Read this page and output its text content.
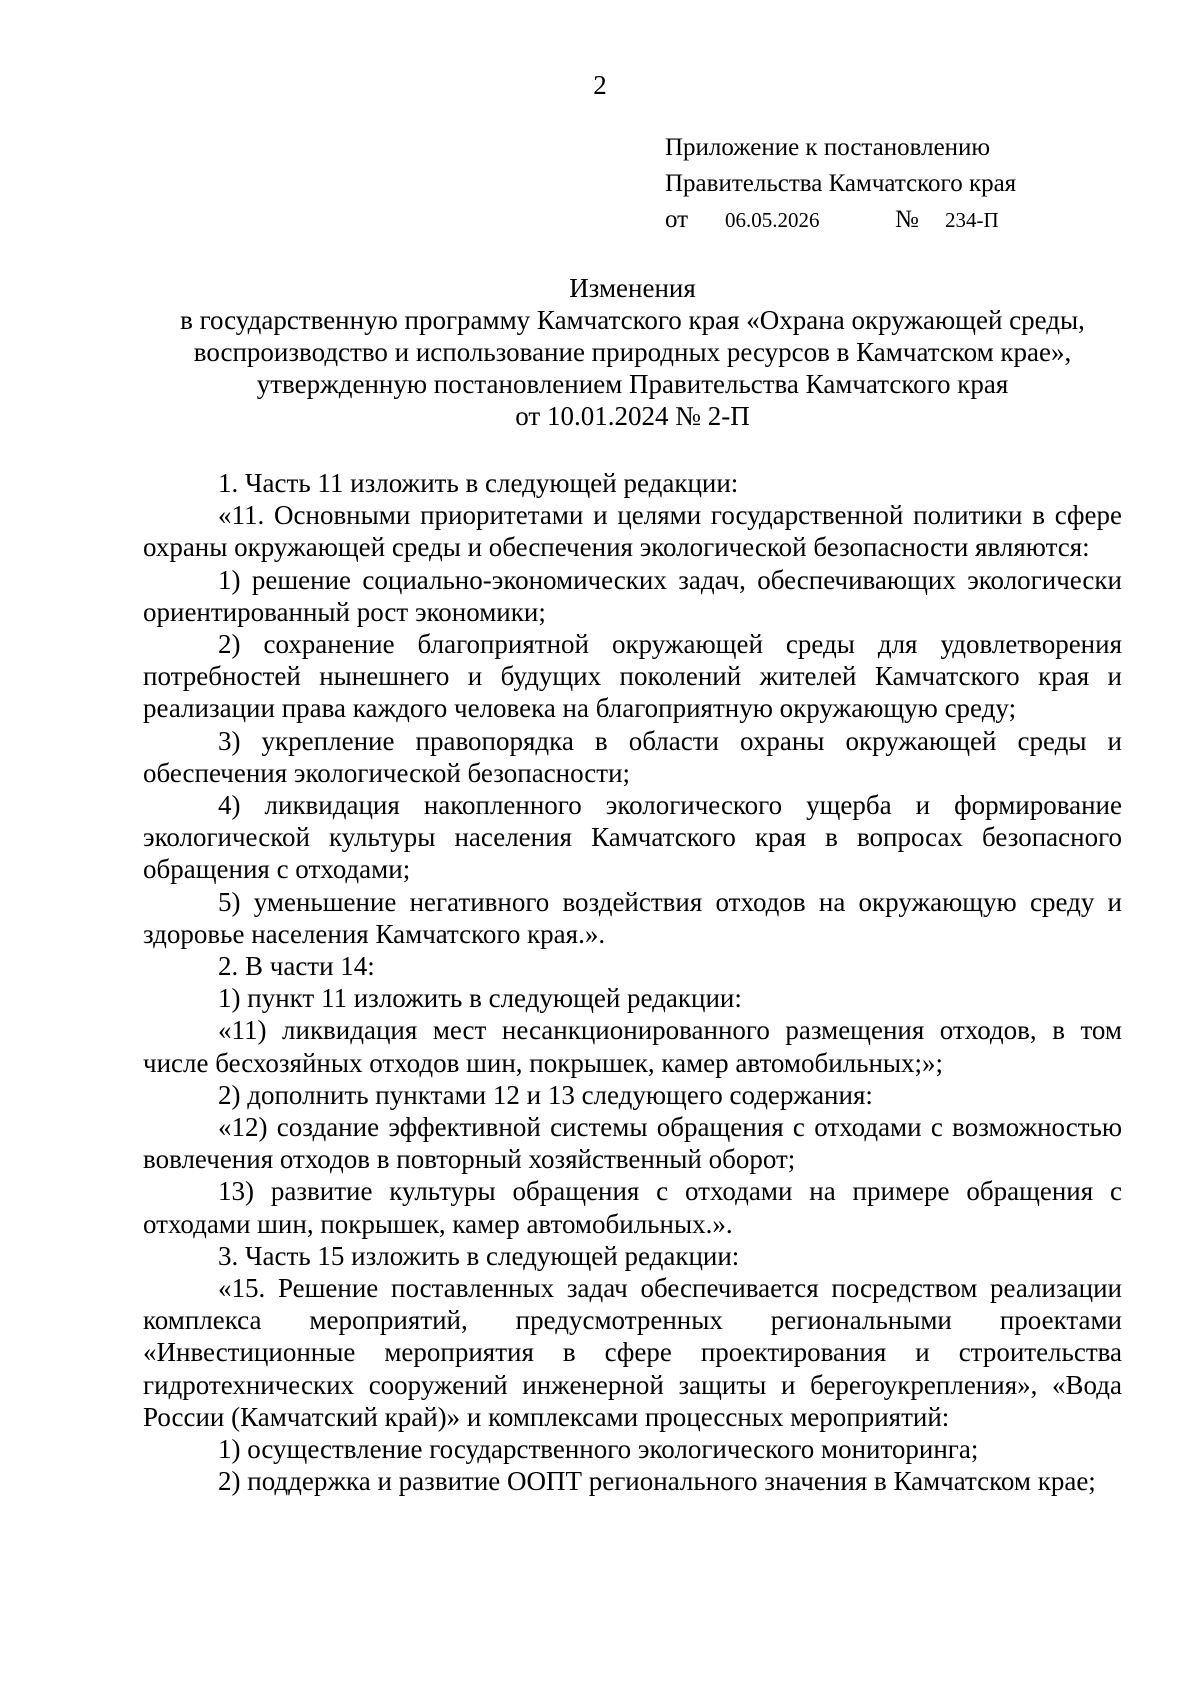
2
Приложение к постановлению
Правительства Камчатского края
от 06.05.2026	№ 234-П
Изменения
в государственную программу Камчатского края «Охрана окружающей среды,
воспроизводство и использование природных ресурсов в Камчатском крае»,
утвержденную постановлением Правительства Камчатского края
от 10.01.2024 № 2-П

1. Часть 11 изложить в следующей редакции:

«11. Основными приоритетами и целями государственной политики в сфере охраны окружающей среды и обеспечения экологической безопасности являются:

1) решение социально-экономических задач, обеспечивающих экологически ориентированный рост экономики;

2) сохранение благоприятной окружающей среды для удовлетворения потребностей нынешнего и будущих поколений жителей Камчатского края и реализации права каждого человека на благоприятную окружающую среду;

3) укрепление правопорядка в области охраны окружающей среды и обеспечения экологической безопасности;

4) ликвидация накопленного экологического ущерба и формирование экологической культуры населения Камчатского края в вопросах безопасного обращения с отходами;

5) уменьшение негативного воздействия отходов на окружающую среду и здоровье населения Камчатского края.».

2. В части 14:

1) пункт 11 изложить в следующей редакции:

«11) ликвидация мест несанкционированного размещения отходов, в том числе бесхозяйных отходов шин, покрышек, камер автомобильных;»;

2) дополнить пунктами 12 и 13 следующего содержания:

«12) создание эффективной системы обращения с отходами с возможностью вовлечения отходов в повторный хозяйственный оборот;

13) развитие культуры обращения с отходами на примере обращения с отходами шин, покрышек, камер автомобильных.».

3. Часть 15 изложить в следующей редакции:

«15. Решение поставленных задач обеспечивается посредством реализации комплекса мероприятий, предусмотренных региональными проектами «Инвестиционные мероприятия в сфере проектирования и строительства гидротехнических сооружений инженерной защиты и берегоукрепления», «Вода России (Камчатский край)» и комплексами процессных мероприятий:

1) осуществление государственного экологического мониторинга;

2) поддержка и развитие ООПТ регионального значения в Камчатском крае;
